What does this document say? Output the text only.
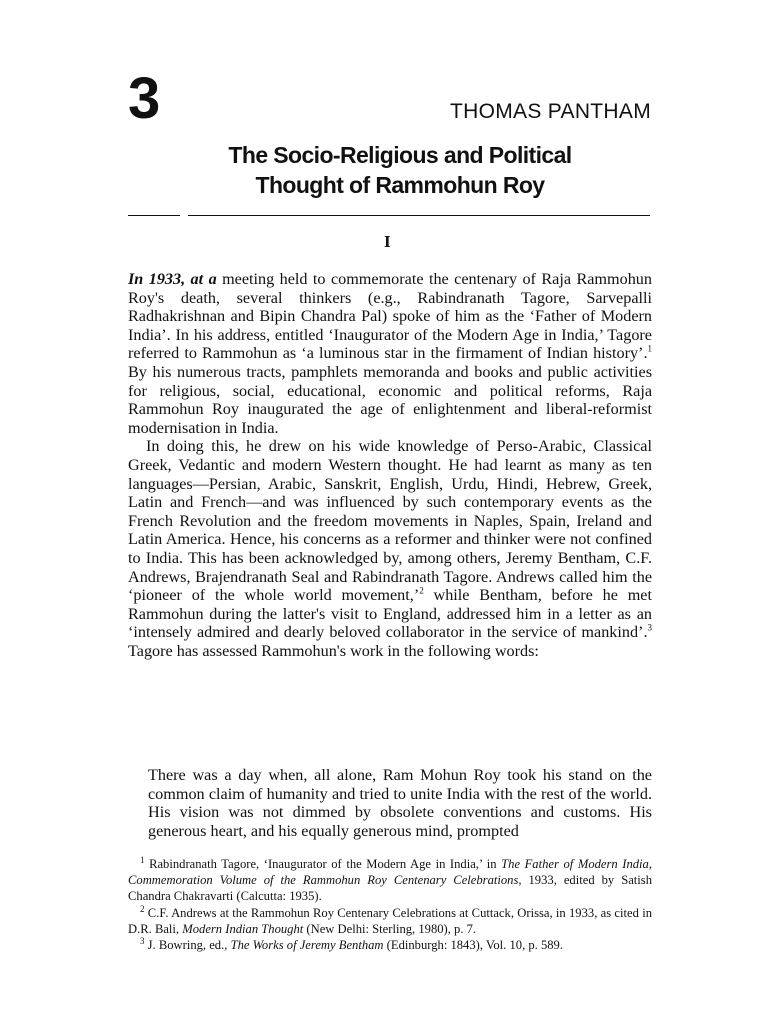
3	THOMAS PANTHAM
The Socio-Religious and Political
Thought of Rammohun Roy
I

In 1933, at a meeting held to commemorate the centenary of Raja Rammohun Roy's death, several thinkers (e.g., Rabindranath Tagore, Sarvepalli Radhakrishnan and Bipin Chandra Pal) spoke of him as the ‘Father of Modern India’. In his address, entitled ‘Inaugurator of the Modern Age in India,’ Tagore referred to Rammohun as ‘a luminous star in the firmament of Indian history’.$^1$ By his numerous tracts, pamphlets memoranda and books and public activities for religious, social, educational, economic and political reforms, Raja Rammohun Roy inaugurated the age of enlightenment and liberal-reformist modernisation in India.

In doing this, he drew on his wide knowledge of Perso-Arabic, Classical Greek, Vedantic and modern Western thought. He had learnt as many as ten languages—Persian, Arabic, Sanskrit, English, Urdu, Hindi, Hebrew, Greek, Latin and French—and was influenced by such contemporary events as the French Revolution and the freedom movements in Naples, Spain, Ireland and Latin America. Hence, his concerns as a reformer and thinker were not confined to India. This has been acknowledged by, among others, Jeremy Bentham, C.F. Andrews, Brajendranath Seal and Rabindranath Tagore. Andrews called him the ‘pioneer of the whole world movement,’$^2$ while Bentham, before he met Rammohun during the latter's visit to England, addressed him in a letter as an ‘intensely admired and dearly beloved collaborator in the service of mankind’.$^3$ Tagore has assessed Rammohun's work in the following words:

There was a day when, all alone, Ram Mohun Roy took his stand on the common claim of humanity and tried to unite India with the rest of the world. His vision was not dimmed by obsolete conventions and customs. His generous heart, and his equally generous mind, prompted

$^1$ Rabindranath Tagore, ‘Inaugurator of the Modern Age in India,’ in The Father of Modern India, Commemoration Volume of the Rammohun Roy Centenary Celebrations, 1933, edited by Satish Chandra Chakravarti (Calcutta: 1935).

$^2$ C.F. Andrews at the Rammohun Roy Centenary Celebrations at Cuttack, Orissa, in 1933, as cited in D.R. Bali, Modern Indian Thought (New Delhi: Sterling, 1980), p. 7.

$^3$ J. Bowring, ed., The Works of Jeremy Bentham (Edinburgh: 1843), Vol. 10, p. 589.
